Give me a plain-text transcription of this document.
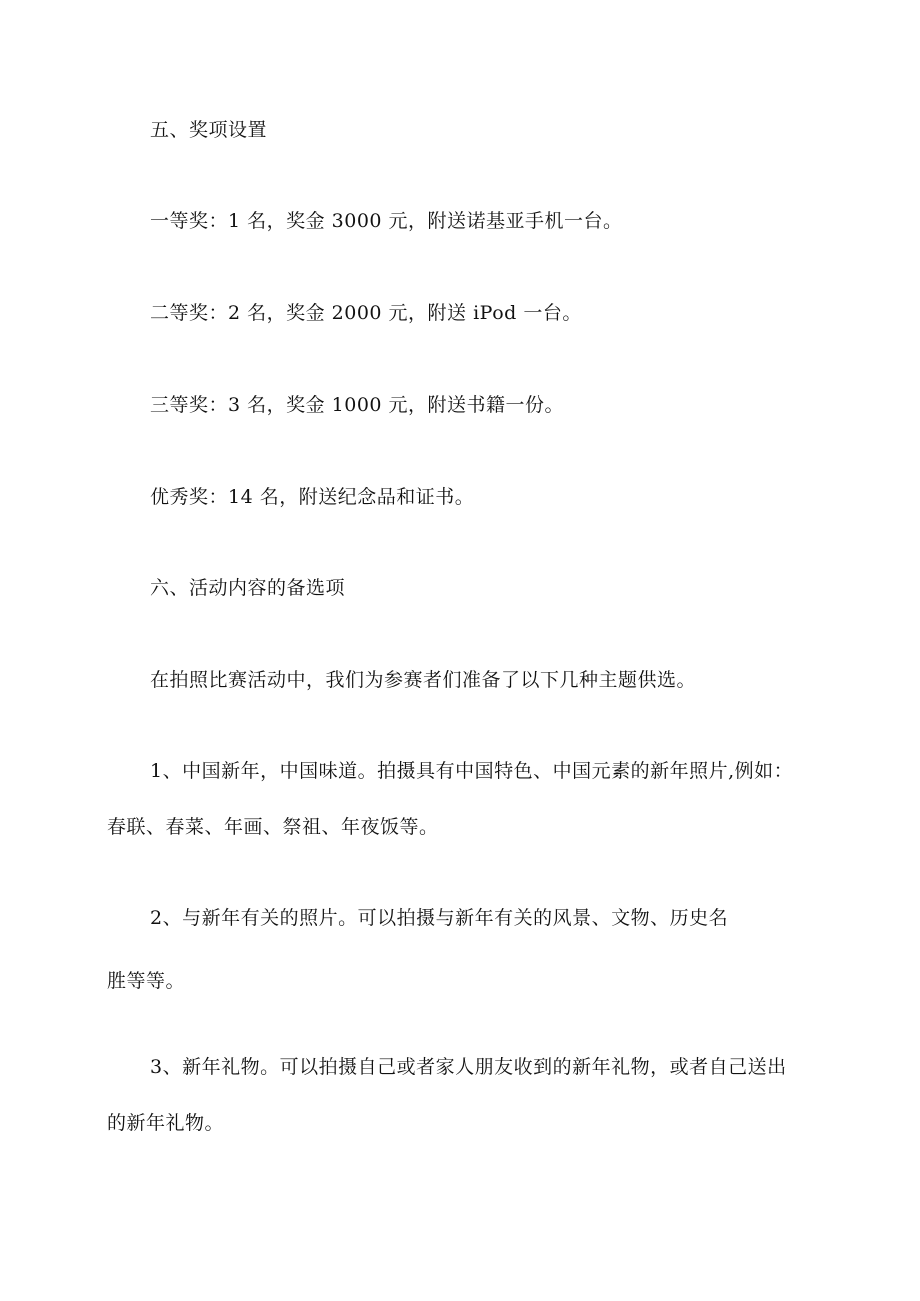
五、奖项设置

一等奖：1 名，奖金 3000 元，附送诺基亚手机一台。

二等奖：2 名，奖金 2000 元，附送 iPod 一台。

三等奖：3 名，奖金 1000 元，附送书籍一份。

优秀奖：14 名，附送纪念品和证书。

六、活动内容的备选项

在拍照比赛活动中，我们为参赛者们准备了以下几种主题供选。

1、中国新年，中国味道。拍摄具有中国特色、中国元素的新年照片,例如：

春联、春菜、年画、祭祖、年夜饭等。

2、与新年有关的照片。可以拍摄与新年有关的风景、文物、历史名

胜等等。

3、新年礼物。可以拍摄自己或者家人朋友收到的新年礼物，或者自己送出

的新年礼物。
